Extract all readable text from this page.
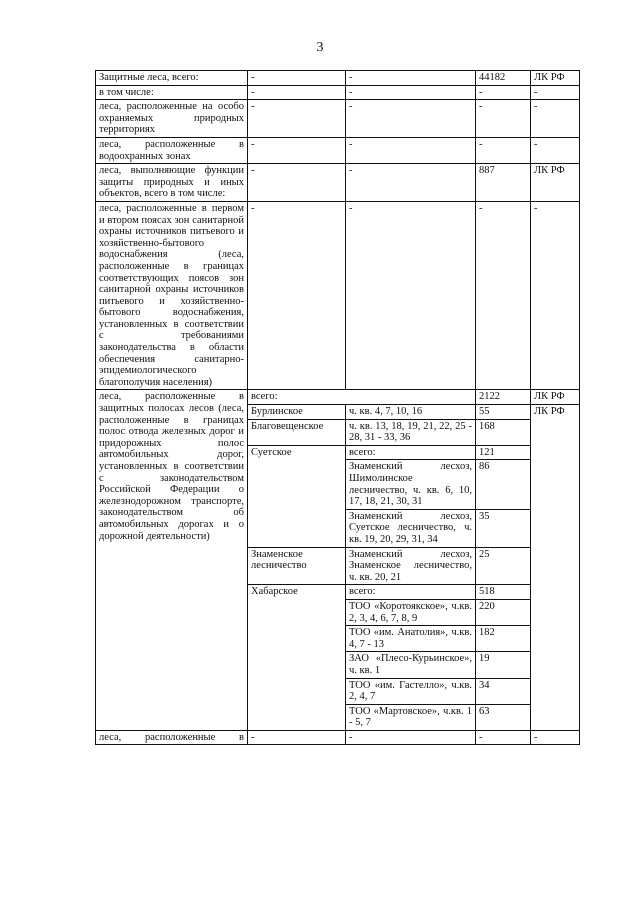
3
Защитные леса, всего:	-	-	44182	ЛК РФ
в том числе:	-	-	-	-
леса, расположенные на особо охраняемых природных территориях	-	-	-	-
леса, расположенные в водоохранных зонах	-	-	-	-
леса, выполняющие функции защиты природных и иных объектов, всего в том числе:	-	-	887	ЛК РФ
леса, расположенные в первом и втором поясах зон санитарной охраны источников питьевого и хозяйственно-бытового водоснабжения (леса, расположенные в границах соответствующих поясов зон санитарной охраны источников питьевого и хозяйственно-бытового водоснабжения, установленных в соответствии с требованиями законодательства в области обеспечения санитарно-эпидемиологического благополучия населения)	-	-	-	-
леса, расположенные в защитных полосах лесов (леса, расположенные в границах полос отвода железных дорог и придорожных полос автомобильных дорог, установленных в соответствии с законодательством Российской Федерации о железнодорожном транспорте, законодательством об автомобильных дорогах и о дорожной деятельности)	всего:		2122	ЛК РФ
	Бурлинское	ч. кв. 4, 7, 10, 16	55	ЛК РФ
	Благовещенское	ч. кв. 13, 18, 19, 21, 22, 25 - 28, 31 - 33, 36	168	
	Суетское	всего:	121	
		Знаменский лесхоз, Шимолинское лесничество, ч. кв. 6, 10, 17, 18, 21, 30, 31	86	
		Знаменский лесхоз, Суетское лесничество, ч. кв. 19, 20, 29, 31, 34	35	
	Знаменское лесничество	Знаменский лесхоз, Знаменское лесничество, ч. кв. 20, 21	25	
	Хабарское	всего:	518	
		ТОО «Коротоякское», ч.кв. 2, 3, 4, 6, 7, 8, 9	220	
		ТОО «им. Анатолия», ч.кв. 4, 7 - 13	182	
		ЗАО «Плесо-Курьинское», ч. кв. 1	19	
		ТОО «им. Гастелло», ч.кв. 2, 4, 7	34	
		ТОО «Мартовское», ч.кв. 1 - 5, 7	63	
леса, расположенные в	-	-	-	-
